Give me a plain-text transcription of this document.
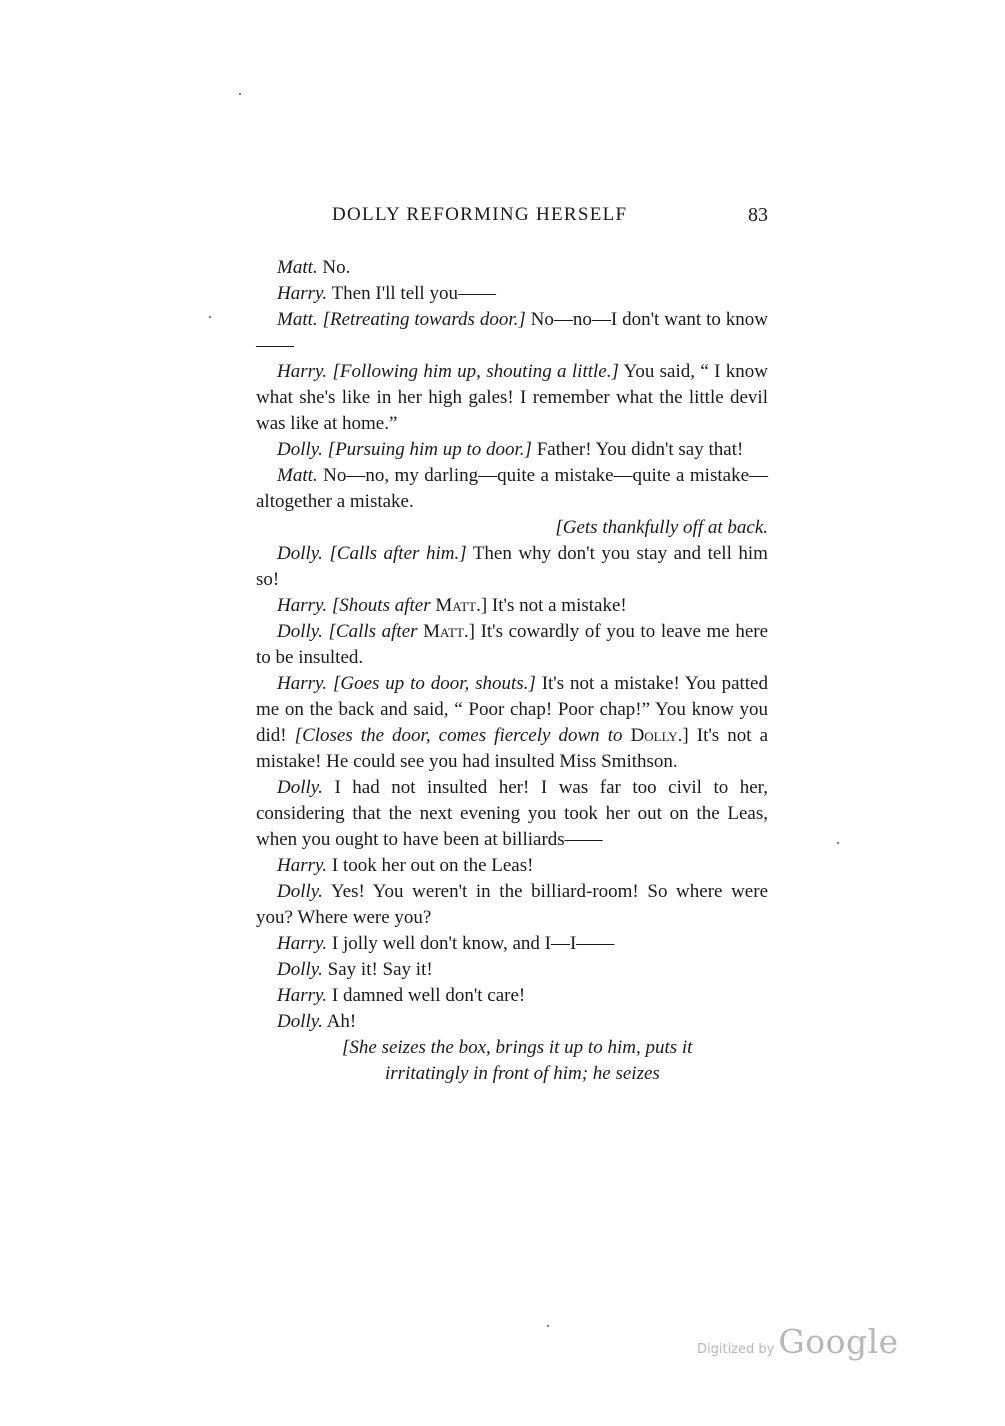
DOLLY REFORMING HERSELF	83

Matt. No.

Harry. Then I'll tell you——

Matt. [Retreating towards door.] No—no—I don't want to know——

Harry. [Following him up, shouting a little.] You said, “ I know what she's like in her high gales! I remember what the little devil was like at home.”

Dolly. [Pursuing him up to door.] Father! You didn't say that!

Matt. No—no, my darling—quite a mistake—quite a mistake—altogether a mistake.

[Gets thankfully off at back.

Dolly. [Calls after him.] Then why don't you stay and tell him so!

Harry. [Shouts after Matt.] It's not a mistake!

Dolly. [Calls after Matt.] It's cowardly of you to leave me here to be insulted.

Harry. [Goes up to door, shouts.] It's not a mistake! You patted me on the back and said, “ Poor chap! Poor chap!” You know you did! [Closes the door, comes fiercely down to Dolly.] It's not a mistake! He could see you had insulted Miss Smithson.

Dolly. I had not insulted her! I was far too civil to her, considering that the next evening you took her out on the Leas, when you ought to have been at billiards——

Harry. I took her out on the Leas!

Dolly. Yes! You weren't in the billiard-room! So where were you? Where were you?

Harry. I jolly well don't know, and I—I——

Dolly. Say it! Say it!

Harry. I damned well don't care!

Dolly. Ah!

[She seizes the box, brings it up to him, puts it irritatingly in front of him; he seizes

Digitized by Google
